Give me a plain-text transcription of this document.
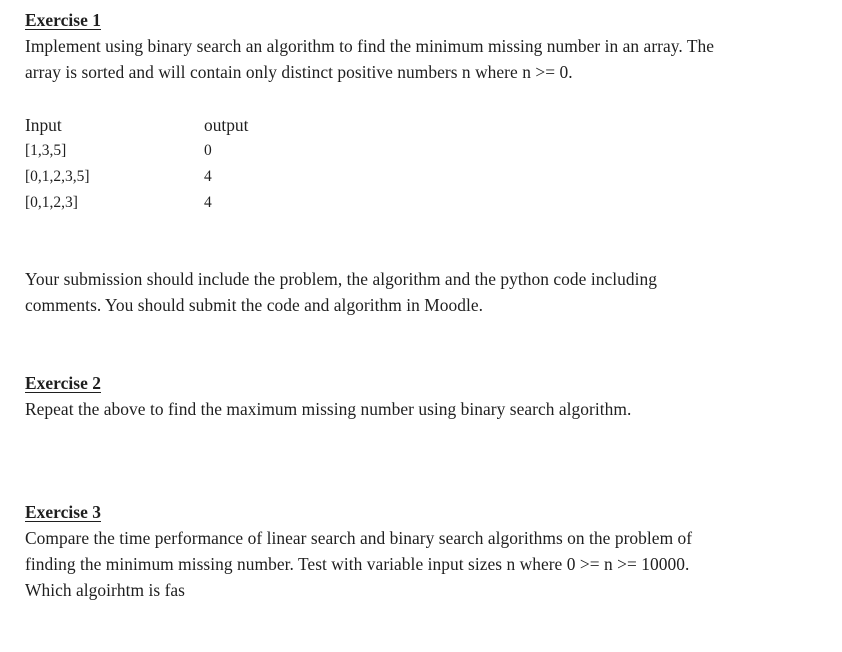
Exercise 1
Implement using binary search an algorithm to find the minimum missing number in an array. The
array is sorted and will contain only distinct positive numbers n where n >= 0.
Input	output
[1,3,5]	0
[0,1,2,3,5]	4
[0,1,2,3]	4
Your submission should include the problem, the algorithm and the python code including
comments. You should submit the code and algorithm in Moodle.
Exercise 2
Repeat the above to find the maximum missing number using binary search algorithm.
Exercise 3
Compare the time performance of linear search and binary search algorithms on the problem of
finding the minimum missing number. Test with variable input sizes n where 0 >= n >= 10000.
Which algoirhtm is fas
